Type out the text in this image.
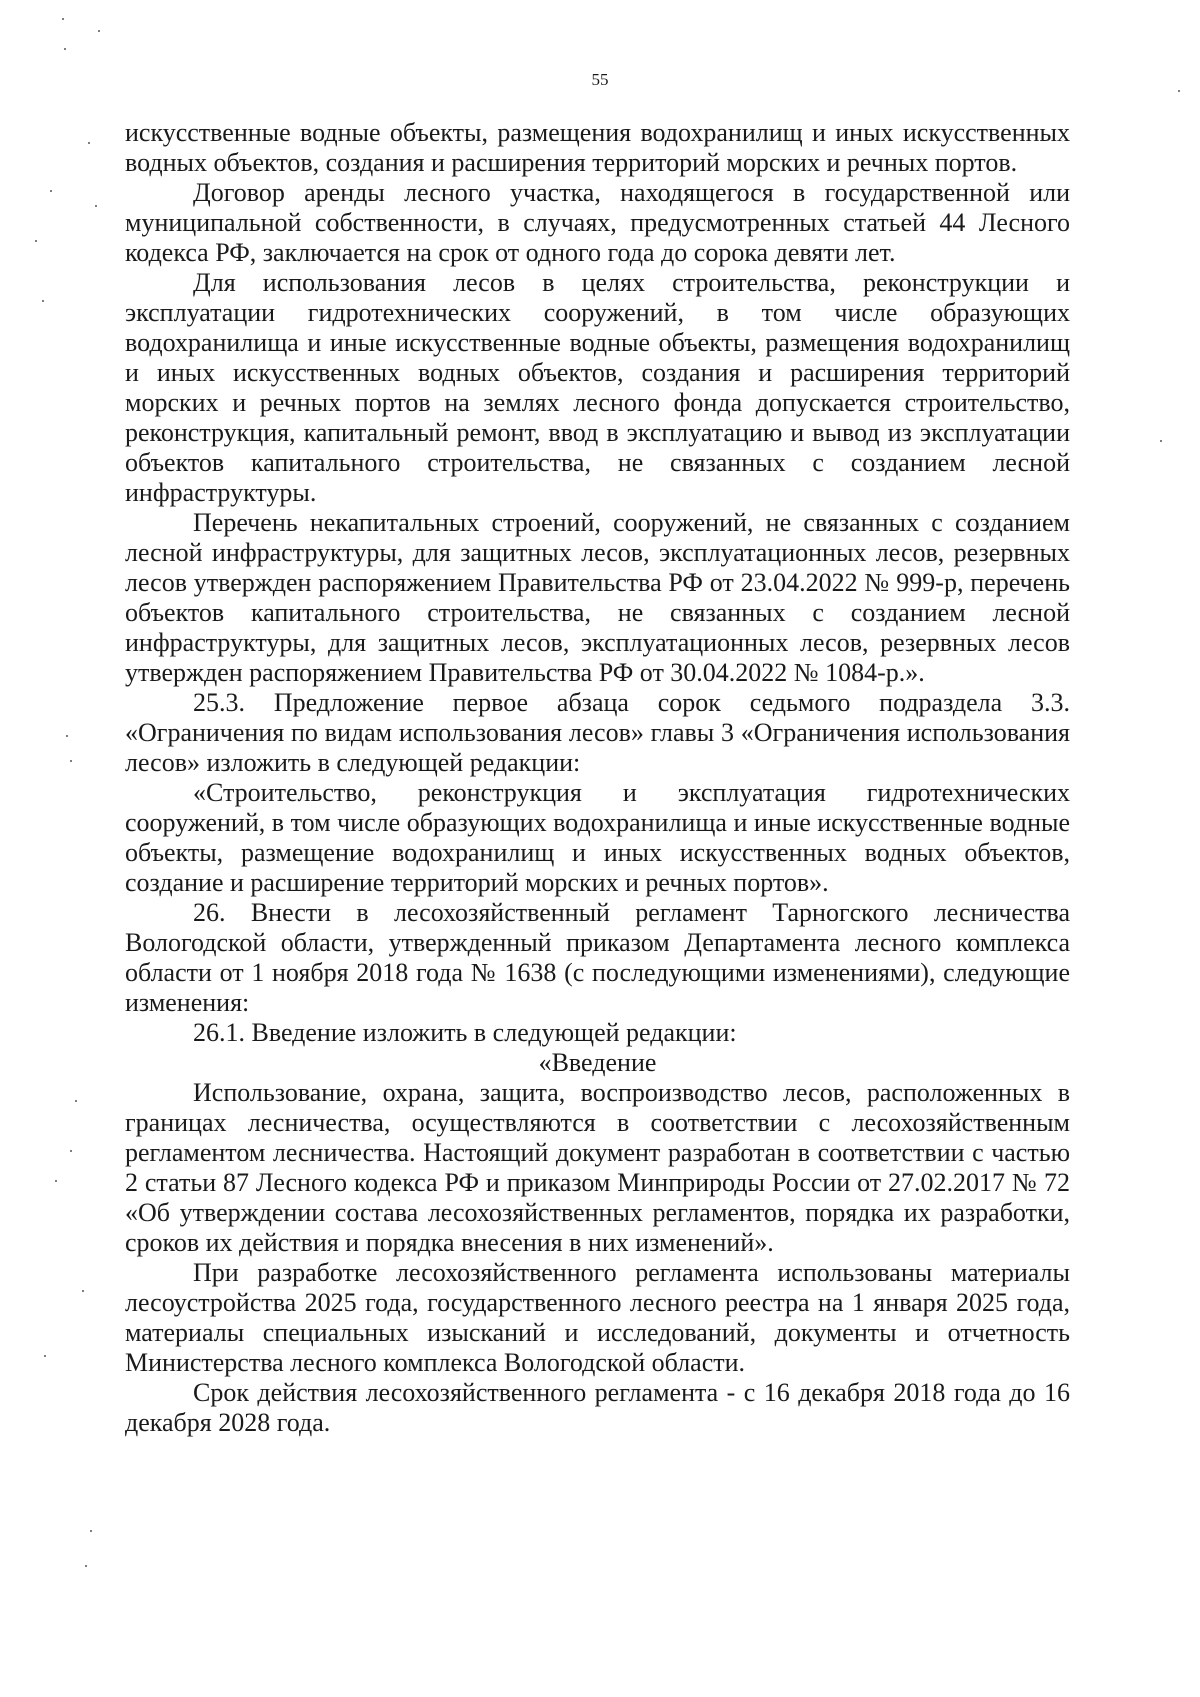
55

искусственные водные объекты, размещения водохранилищ и иных искусственных водных объектов, создания и расширения территорий морских и речных портов.

Договор аренды лесного участка, находящегося в государственной или муниципальной собственности, в случаях, предусмотренных статьей 44 Лесного кодекса РФ, заключается на срок от одного года до сорока девяти лет.

Для использования лесов в целях строительства, реконструкции и эксплуатации гидротехнических сооружений, в том числе образующих водохранилища и иные искусственные водные объекты, размещения водохранилищ и иных искусственных водных объектов, создания и расширения территорий морских и речных портов на землях лесного фонда допускается строительство, реконструкция, капитальный ремонт, ввод в эксплуатацию и вывод из эксплуатации объектов капитального строительства, не связанных с созданием лесной инфраструктуры.

Перечень некапитальных строений, сооружений, не связанных с созданием лесной инфраструктуры, для защитных лесов, эксплуатационных лесов, резервных лесов утвержден распоряжением Правительства РФ от 23.04.2022 № 999-р, перечень объектов капитального строительства, не связанных с созданием лесной инфраструктуры, для защитных лесов, эксплуатационных лесов, резервных лесов утвержден распоряжением Правительства РФ от 30.04.2022 № 1084-р.».

25.3. Предложение первое абзаца сорок седьмого подраздела 3.3. «Ограничения по видам использования лесов» главы 3 «Ограничения использования лесов» изложить в следующей редакции:

«Строительство, реконструкция и эксплуатация гидротехнических сооружений, в том числе образующих водохранилища и иные искусственные водные объекты, размещение водохранилищ и иных искусственных водных объектов, создание и расширение территорий морских и речных портов».

26. Внести в лесохозяйственный регламент Тарногского лесничества Вологодской области, утвержденный приказом Департамента лесного комплекса области от 1 ноября 2018 года № 1638 (с последующими изменениями), следующие изменения:

26.1. Введение изложить в следующей редакции:

«Введение

Использование, охрана, защита, воспроизводство лесов, расположенных в границах лесничества, осуществляются в соответствии с лесохозяйственным регламентом лесничества. Настоящий документ разработан в соответствии с частью 2 статьи 87 Лесного кодекса РФ и приказом Минприроды России от 27.02.2017 № 72 «Об утверждении состава лесохозяйственных регламентов, порядка их разработки, сроков их действия и порядка внесения в них изменений».

При разработке лесохозяйственного регламента использованы материалы лесоустройства 2025 года, государственного лесного реестра на 1 января 2025 года, материалы специальных изысканий и исследований, документы и отчетность Министерства лесного комплекса Вологодской области.

Срок действия лесохозяйственного регламента - с 16 декабря 2018 года до 16 декабря 2028 года.
